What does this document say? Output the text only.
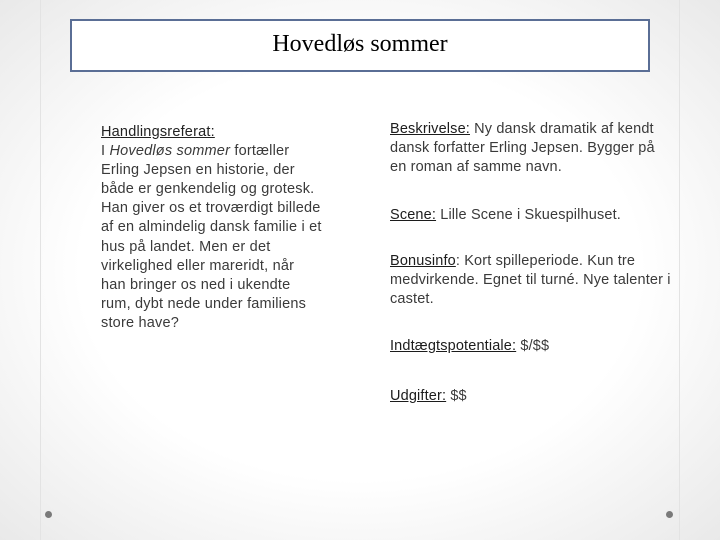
Hovedløs sommer
Handlingsreferat:
I Hovedløs sommer fortæller Erling Jepsen en historie, der både er genkendelig og grotesk. Han giver os et troværdigt billede af en almindelig dansk familie i et hus på landet. Men er det virkelighed eller mareridt, når han bringer os ned i ukendte rum, dybt nede under familiens store have?

Beskrivelse: Ny dansk dramatik af kendt dansk forfatter Erling Jepsen. Bygger på en roman af samme navn.

Scene: Lille Scene i Skuespilhuset.

Bonusinfo: Kort spilleperiode. Kun tre medvirkende. Egnet til turné. Nye talenter i castet.

Indtægtspotentiale: $/$$

Udgifter: $$
